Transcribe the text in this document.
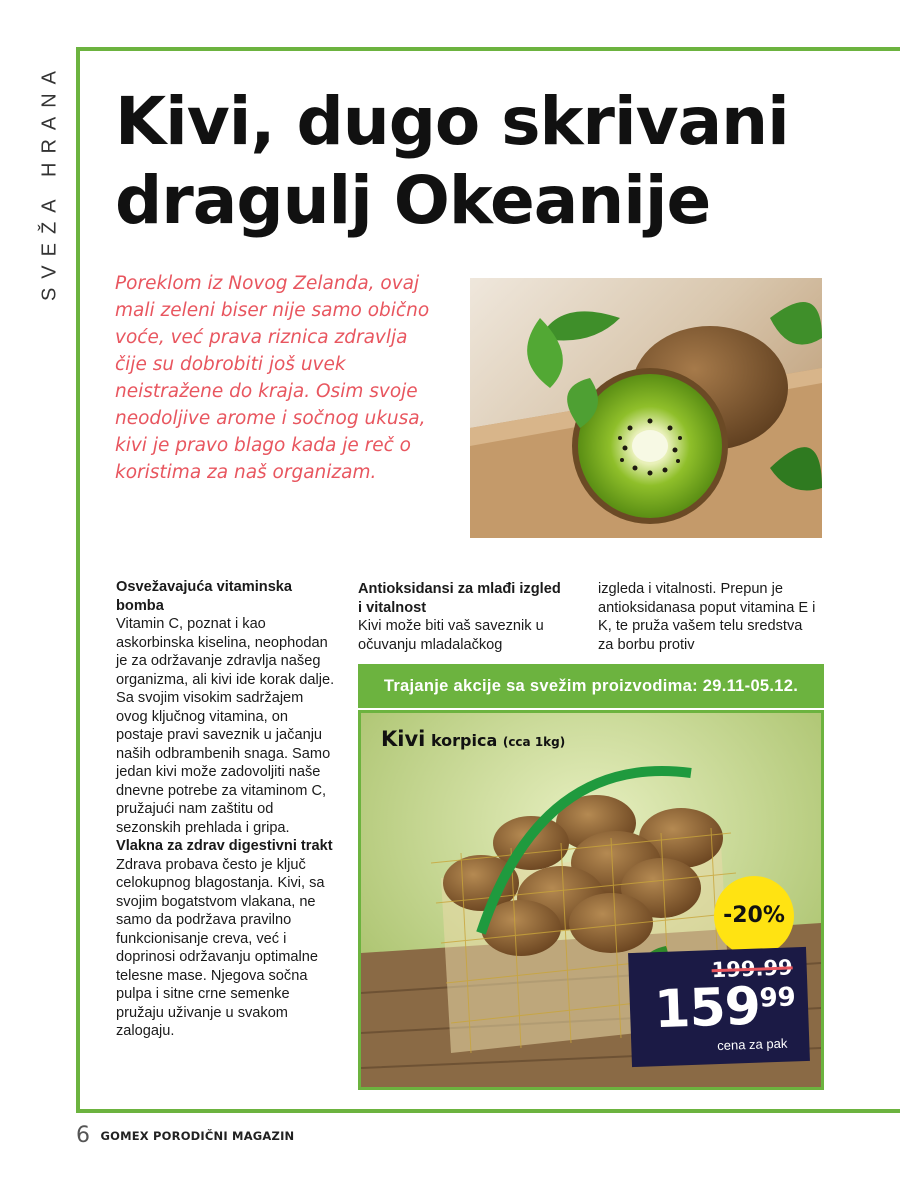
SVEŽA HRANA Kivi, dugo skrivani
dragulj Okeanije
Poreklom iz Novog Zelanda, ovaj mali zeleni biser nije samo obično voće, već prava riznica zdravlja čije su dobrobiti još uvek neistražene do kraja. Osim svoje neodoljive arome i sočnog ukusa, kivi je pravo blago kada je reč o koristima za naš organizam.
Osvežavajuća vitaminska bomba

Vitamin C, poznat i kao askorbinska kiselina, neophodan je za održavanje zdravlja našeg organizma, ali kivi ide korak dalje. Sa svojim visokim sadržajem ovog ključnog vitamina, on postaje pravi saveznik u jačanju naših odbrambenih snaga. Samo jedan kivi može zadovoljiti naše dnevne potrebe za vitaminom C, pružajući nam zaštitu od sezonskih prehlada i gripa.

Vlakna za zdrav digestivni trakt

Zdrava probava često je ključ celokupnog blagostanja. Kivi, sa svojim bogatstvom vlakana, ne samo da podržava pravilno funkcionisanje creva, već i doprinosi održavanju optimalne telesne mase. Njegova sočna pulpa i sitne crne semenke pružaju uživanje u svakom zalogaju.

Antioksidansi za mlađi izgled i vitalnost

Kivi može biti vaš saveznik u očuvanju mladalačkog

izgleda i vitalnosti. Prepun je antioksidanasa poput vitamina E i K, te pruža vašem telu sredstva za borbu protiv

Trajanje akcije sa svežim proizvodima: 29.11-05.12.
Kivi korpica (cca 1kg)
-20%
199.99
15999
cena za pak
6 GOMEX PORODIČNI MAGAZIN
